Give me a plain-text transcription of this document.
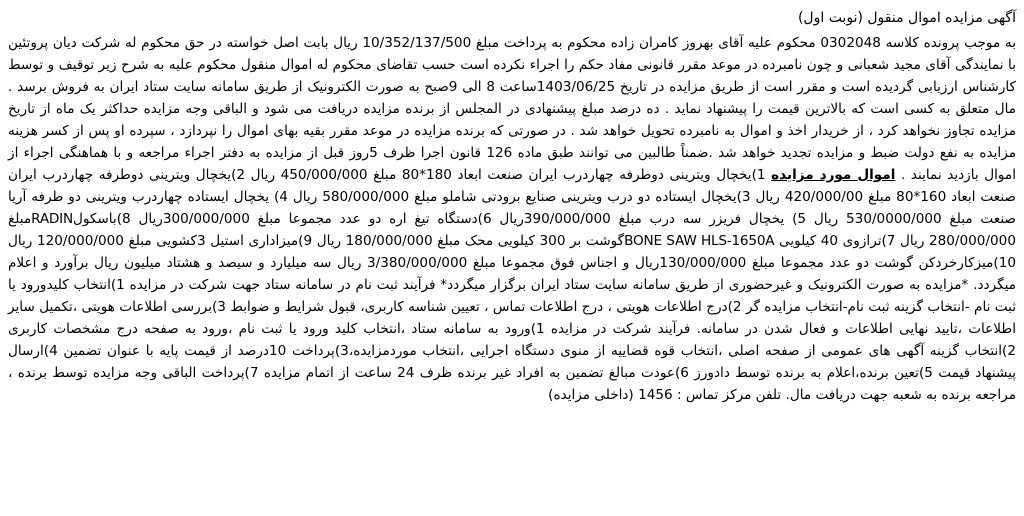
آگهی مزایده اموال منقول (نوبت اول)

به موجب پرونده کلاسه 0302048 محکوم علیه آقای بهروز کامران زاده محکوم به پرداخت مبلغ 10/352/137/500 ریال بابت اصل خواسته در حق محکوم له شرکت دیان پروتئین با نمایندگی آقای مجید شعبانی و چون نامبرده در موعد مقرر قانونی مفاد حکم را اجراء نکرده است حسب تقاضای محکوم له اموال منقول محکوم علیه به شرح زیر توقیف و توسط کارشناس ارزیابی گردیده است و مقرر است از طریق مزایده در تاریخ 1403/06/25ساعت 8 الی 9صبح به صورت الکترونیک از طریق سامانه سایت ستاد ایران به فروش برسد . مال متعلق به کسی است که بالاترین قیمت را پیشنهاد نماید . ده درصد مبلغ پیشنهادی در المجلس از برنده مزایده دریافت می شود و الباقی وجه مزایده حداکثر یک ماه از تاریخ مزایده تجاوز نخواهد کرد ، از خریدار اخذ و اموال به نامبرده تحویل خواهد شد . در صورتی که برنده مزایده در موعد مقرر بقیه بهای اموال را نپردازد ، سپرده او پس از کسر هزینه مزایده به نفع دولت ضبط و مزایده تجدید خواهد شد .ضمناً طالبین می توانند طبق ماده 126 قانون اجرا ظرف 5روز قبل از مزایده به دفتر اجراء مراجعه و با هماهنگی اجراء از اموال بازدید نمایند . اموال مورد مزایده 1)یخچال ویترینی دوطرفه چهاردرب ایران صنعت ابعاد 180*80 مبلغ 450/000/000 ریال 2)یخچال ویترینی دوطرفه چهاردرب ایران صنعت ابعاد 160*80 مبلغ 420/000/00 ریال 3)یخچال ایستاده دو درب ویترینی صنایع برودتی شاملو مبلغ 580/000/000 ریال 4) یخچال ایستاده چهاردرب ویترینی دو طرفه آریا صنعت مبلغ 530/0000/000 ریال 5) یخچال فریزر سه درب مبلغ 390/000/000ریال 6)دستگاه تیغ اره دو عدد مجموعا مبلغ 300/000/000ریال 8)باسکولRADINمبلغ 280/000/000 ریال 7)ترازوی 40 کیلویی BONE SAW HLS-1650Aگوشت بر 300 کیلویی محک مبلغ 180/000/000 ریال 9)میزاداری استیل 3کشویی مبلغ 120/000/000 ریال 10)میزکارخردکن گوشت دو عدد مجموعا مبلغ 130/000/000ریال و اجناس فوق مجموعا مبلغ 3/380/000/000 ریال سه میلیارد و سیصد و هشتاد میلیون ریال برآورد و اعلام میگردد. *مزایده به صورت الکترونیک و غیرحضوری از طریق سامانه سایت ستاد ایران برگزار میگردد* فرآیند ثبت نام در سامانه ستاد جهت شرکت در مزایده 1)انتخاب کلیدورود یا ثبت نام -انتخاب گزینه ثبت نام-انتخاب مزایده گر 2)درج اطلاعات هویتی ، درج اطلاعات تماس ، تعیین شناسه کاربری، قبول شرایط و ضوابط 3)بررسی اطلاعات هویتی ،تکمیل سایر اطلاعات ،تایید نهایی اطلاعات و فعال شدن در سامانه. فرآیند شرکت در مزایده 1)ورود به سامانه ستاد ،انتخاب کلید ورود یا ثبت نام ،ورود به صفحه درج مشخصات کاربری 2)انتخاب گزینه آگهی های عمومی از صفحه اصلی ،انتخاب قوه قضاییه از منوی دستگاه اجرایی ،انتخاب موردمزایده،3)پرداخت 10درصد از قیمت پایه با عنوان تضمین 4)ارسال پیشنهاد قیمت 5)تعین برنده،اعلام به برنده توسط دادورز 6)عودت مبالغ تضمین به افراد غیر برنده ظرف 24 ساعت از اتمام مزایده 7)پرداخت الباقی وجه مزایده توسط برنده ، مراجعه برنده به شعبه جهت دریافت مال. تلفن مرکز تماس : 1456 (داخلی مزایده)
